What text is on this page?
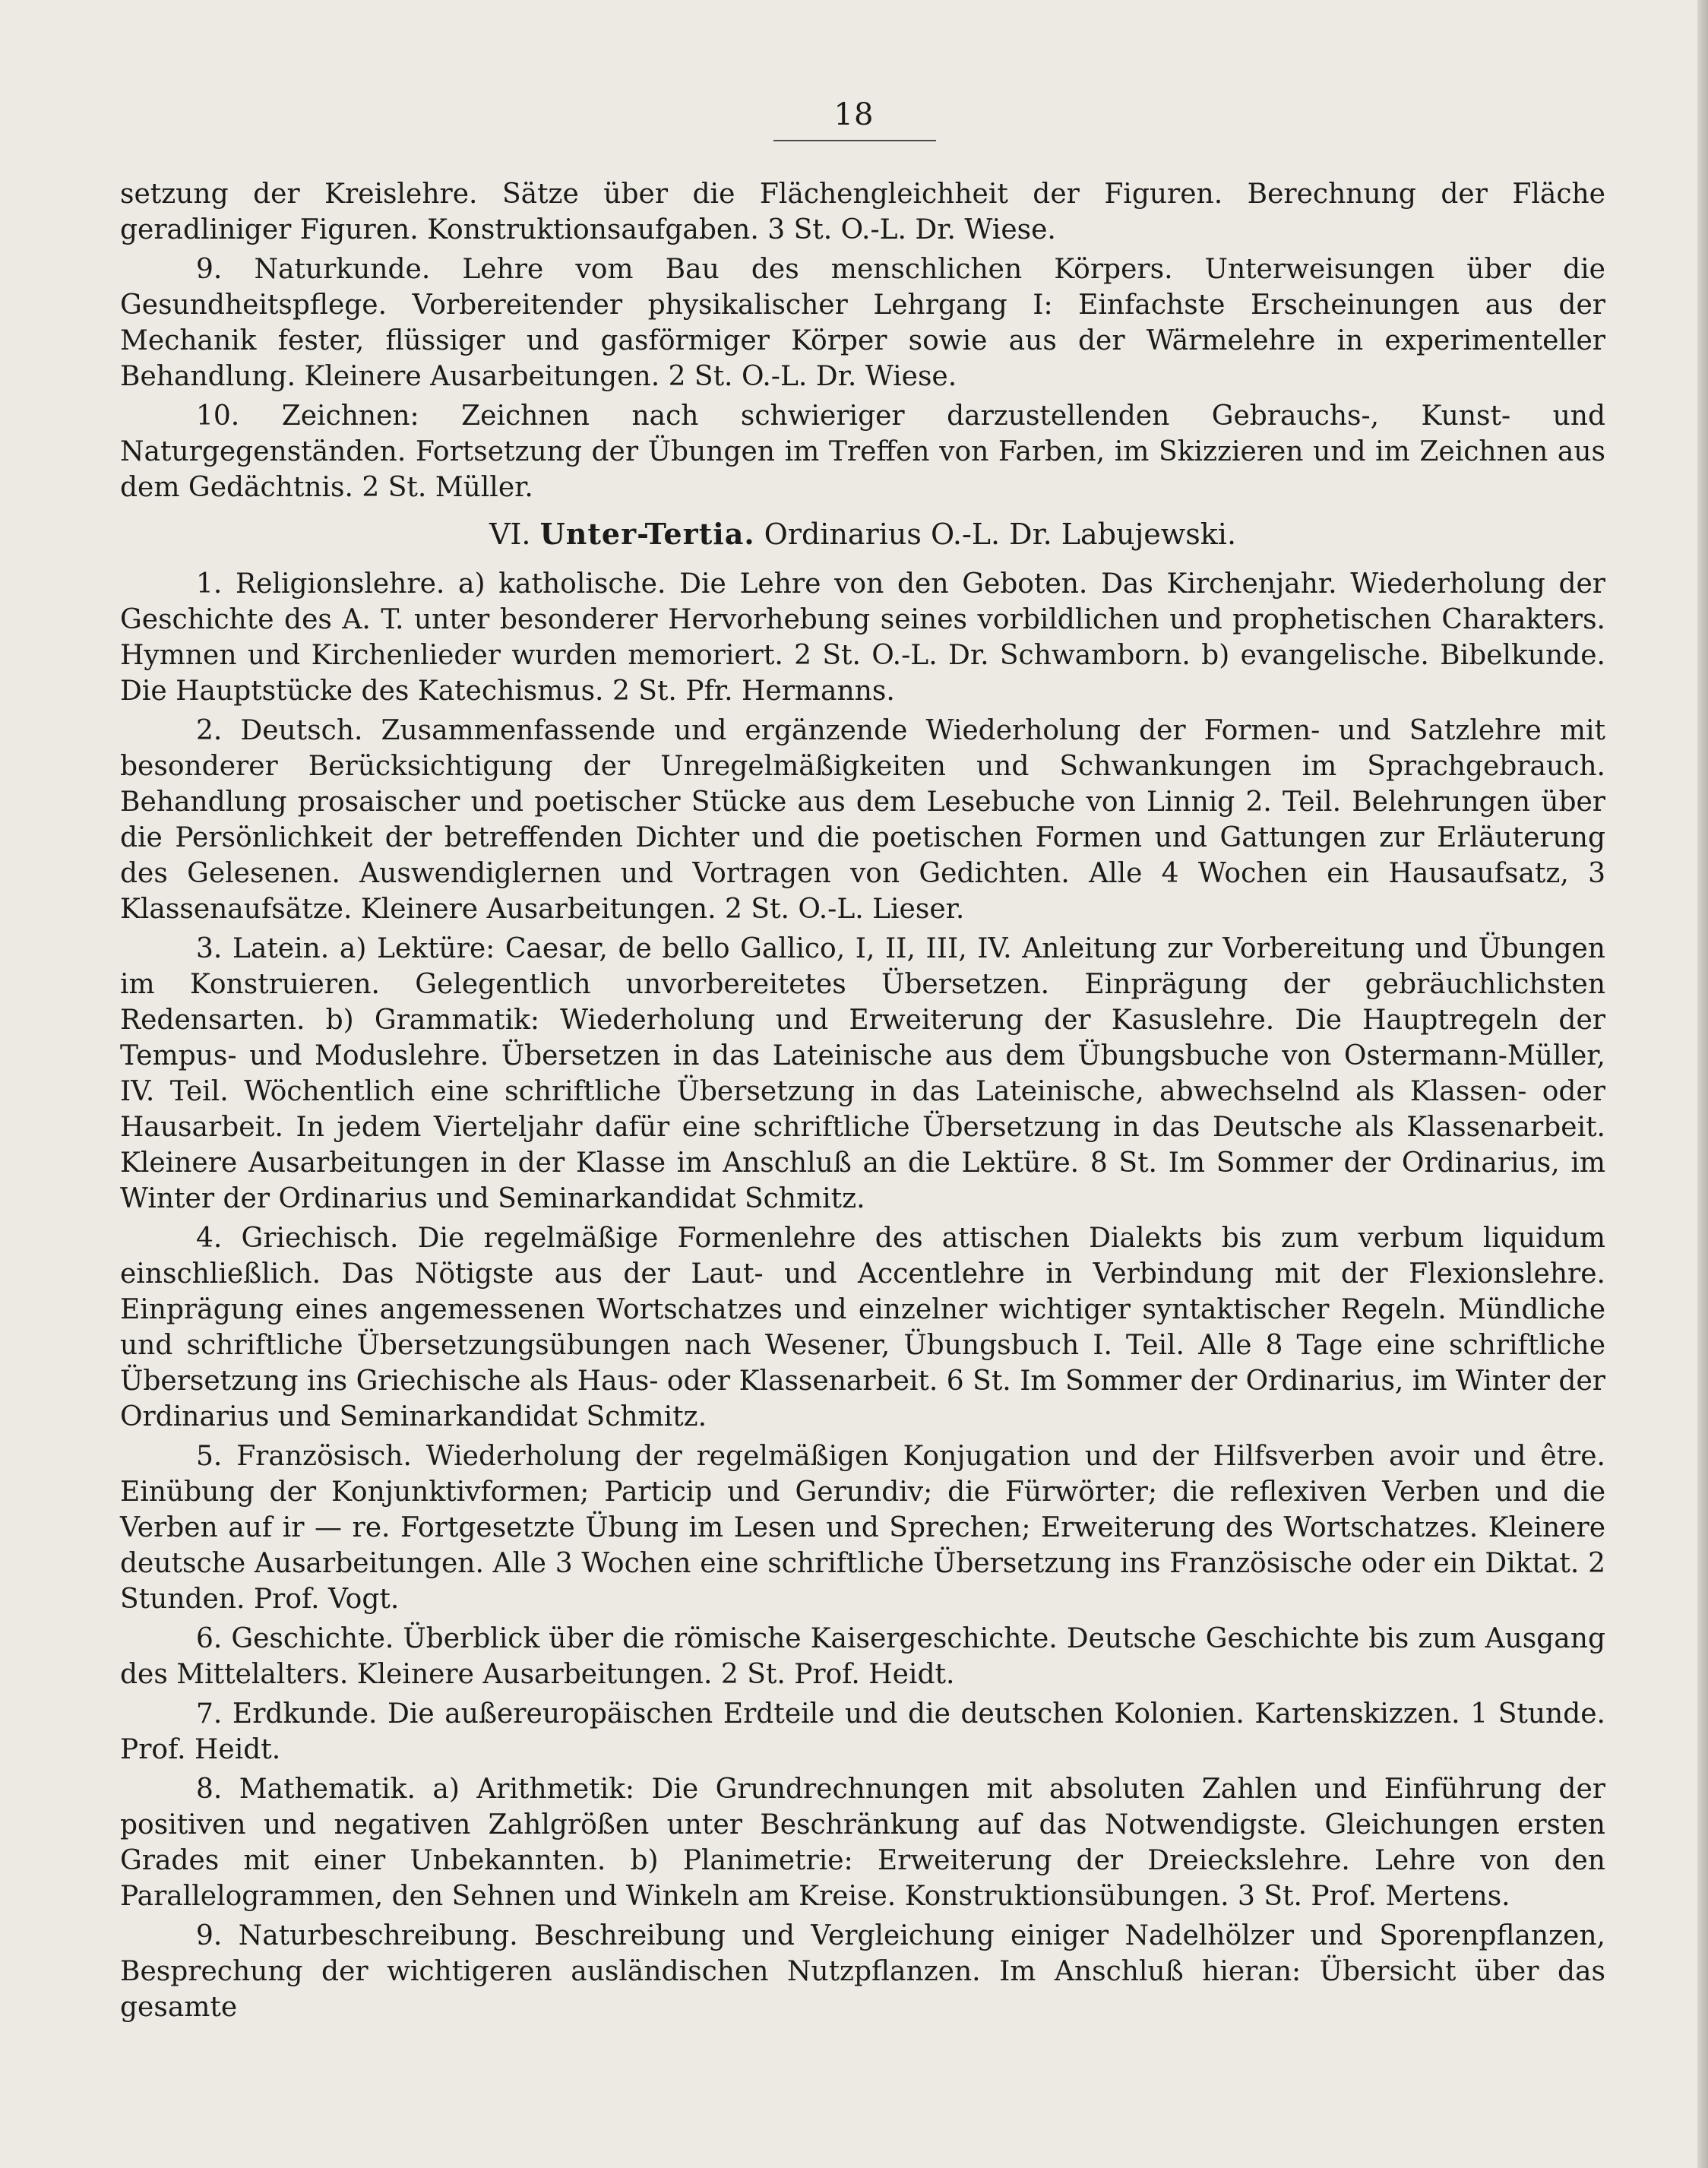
18

setzung der Kreislehre. Sätze über die Flächengleichheit der Figuren. Berechnung der Fläche geradliniger Figuren. Konstruktionsaufgaben. 3 St. O.-L. Dr. Wiese.

9. Naturkunde. Lehre vom Bau des menschlichen Körpers. Unterweisungen über die Gesundheitspflege. Vorbereitender physikalischer Lehrgang I: Einfachste Erscheinungen aus der Mechanik fester, flüssiger und gasförmiger Körper sowie aus der Wärmelehre in experimenteller Behandlung. Kleinere Ausarbeitungen. 2 St. O.-L. Dr. Wiese.

10. Zeichnen: Zeichnen nach schwieriger darzustellenden Gebrauchs-, Kunst- und Naturgegenständen. Fortsetzung der Übungen im Treffen von Farben, im Skizzieren und im Zeichnen aus dem Gedächtnis. 2 St. Müller.

VI. Unter-Tertia. Ordinarius O.-L. Dr. Labujewski.

1. Religionslehre. a) katholische. Die Lehre von den Geboten. Das Kirchenjahr. Wiederholung der Geschichte des A. T. unter besonderer Hervorhebung seines vorbildlichen und prophetischen Charakters. Hymnen und Kirchenlieder wurden memoriert. 2 St. O.-L. Dr. Schwamborn. b) evangelische. Bibelkunde. Die Hauptstücke des Katechismus. 2 St. Pfr. Hermanns.

2. Deutsch. Zusammenfassende und ergänzende Wiederholung der Formen- und Satzlehre mit besonderer Berücksichtigung der Unregelmäßigkeiten und Schwankungen im Sprachgebrauch. Behandlung prosaischer und poetischer Stücke aus dem Lesebuche von Linnig 2. Teil. Belehrungen über die Persönlichkeit der betreffenden Dichter und die poetischen Formen und Gattungen zur Erläuterung des Gelesenen. Auswendiglernen und Vortragen von Gedichten. Alle 4 Wochen ein Hausaufsatz, 3 Klassenaufsätze. Kleinere Ausarbeitungen. 2 St. O.-L. Lieser.

3. Latein. a) Lektüre: Caesar, de bello Gallico, I, II, III, IV. Anleitung zur Vorbereitung und Übungen im Konstruieren. Gelegentlich unvorbereitetes Übersetzen. Einprägung der gebräuchlichsten Redensarten. b) Grammatik: Wiederholung und Erweiterung der Kasuslehre. Die Hauptregeln der Tempus- und Moduslehre. Übersetzen in das Lateinische aus dem Übungsbuche von Ostermann-Müller, IV. Teil. Wöchentlich eine schriftliche Übersetzung in das Lateinische, abwechselnd als Klassen- oder Hausarbeit. In jedem Vierteljahr dafür eine schriftliche Übersetzung in das Deutsche als Klassenarbeit. Kleinere Ausarbeitungen in der Klasse im Anschluß an die Lektüre. 8 St. Im Sommer der Ordinarius, im Winter der Ordinarius und Seminarkandidat Schmitz.

4. Griechisch. Die regelmäßige Formenlehre des attischen Dialekts bis zum verbum liquidum einschließlich. Das Nötigste aus der Laut- und Accentlehre in Verbindung mit der Flexionslehre. Einprägung eines angemessenen Wortschatzes und einzelner wichtiger syntaktischer Regeln. Mündliche und schriftliche Übersetzungsübungen nach Wesener, Übungsbuch I. Teil. Alle 8 Tage eine schriftliche Übersetzung ins Griechische als Haus- oder Klassenarbeit. 6 St. Im Sommer der Ordinarius, im Winter der Ordinarius und Seminarkandidat Schmitz.

5. Französisch. Wiederholung der regelmäßigen Konjugation und der Hilfsverben avoir und être. Einübung der Konjunktivformen; Particip und Gerundiv; die Fürwörter; die reflexiven Verben und die Verben auf ir — re. Fortgesetzte Übung im Lesen und Sprechen; Erweiterung des Wortschatzes. Kleinere deutsche Ausarbeitungen. Alle 3 Wochen eine schriftliche Übersetzung ins Französische oder ein Diktat. 2 Stunden. Prof. Vogt.

6. Geschichte. Überblick über die römische Kaisergeschichte. Deutsche Geschichte bis zum Ausgang des Mittelalters. Kleinere Ausarbeitungen. 2 St. Prof. Heidt.

7. Erdkunde. Die außereuropäischen Erdteile und die deutschen Kolonien. Kartenskizzen. 1 Stunde. Prof. Heidt.

8. Mathematik. a) Arithmetik: Die Grundrechnungen mit absoluten Zahlen und Einführung der positiven und negativen Zahlgrößen unter Beschränkung auf das Notwendigste. Gleichungen ersten Grades mit einer Unbekannten. b) Planimetrie: Erweiterung der Dreieckslehre. Lehre von den Parallelogrammen, den Sehnen und Winkeln am Kreise. Konstruktionsübungen. 3 St. Prof. Mertens.

9. Naturbeschreibung. Beschreibung und Vergleichung einiger Nadelhölzer und Sporenpflanzen, Besprechung der wichtigeren ausländischen Nutzpflanzen. Im Anschluß hieran: Übersicht über das gesamte
